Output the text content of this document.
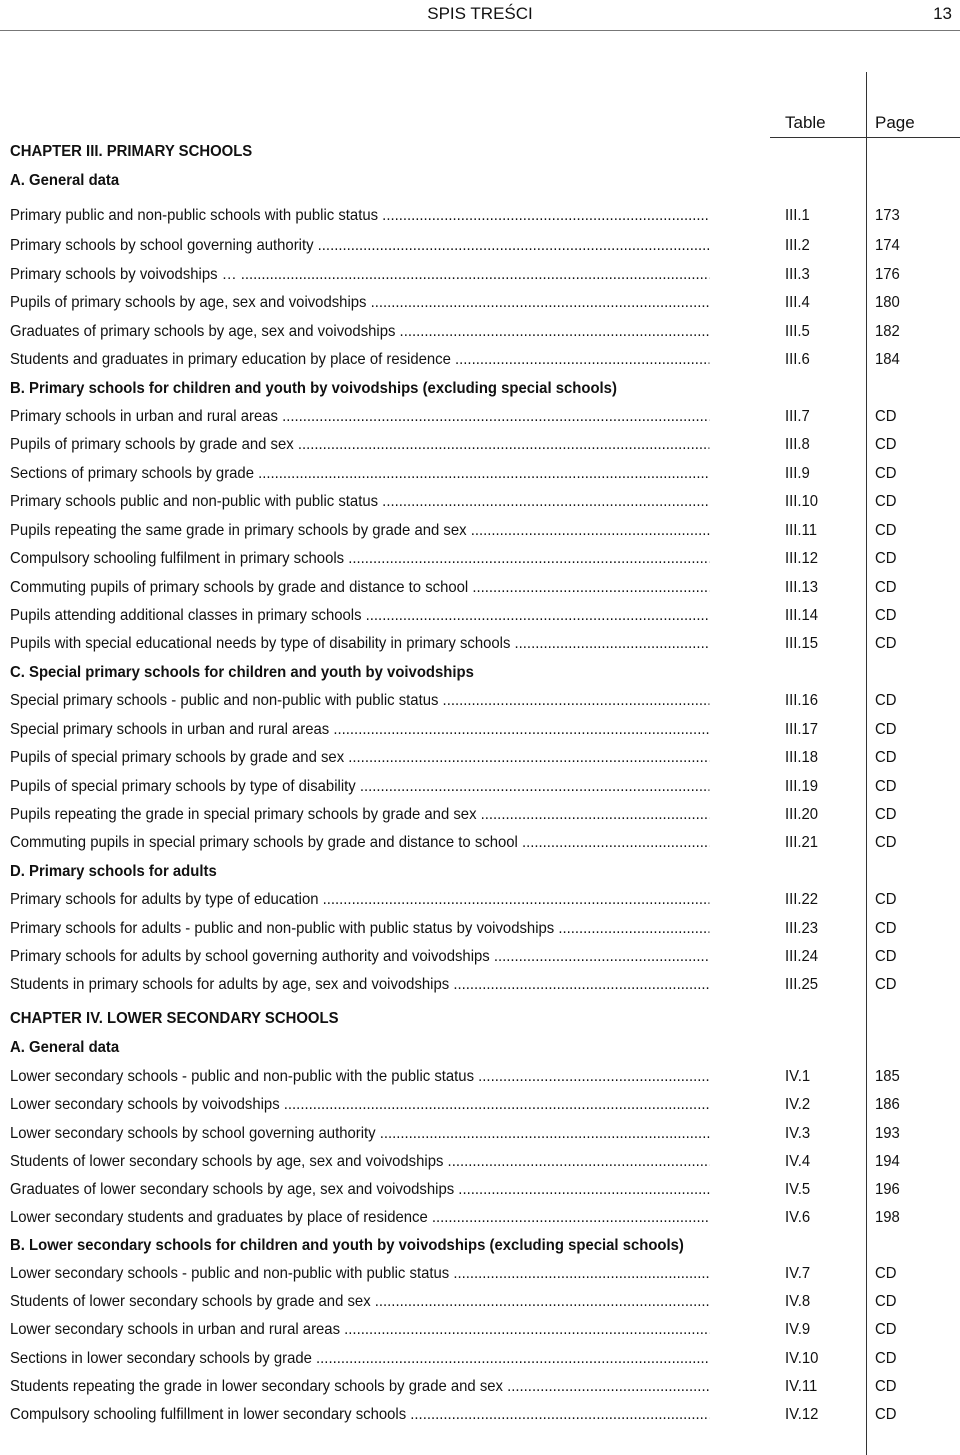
SPIS TREŚCI	13
Table	Page
CHAPTER III. PRIMARY SCHOOLS
A. General data
Primary public and non-public schools with public status .....	III.1	173
Primary schools by school governing authority .....	III.2	174
Primary schools by voivodships … .....	III.3	176
Pupils of primary schools by age, sex and voivodships .....	III.4	180
Graduates of primary schools by age, sex and voivodships .....	III.5	182
Students and graduates in primary education by place of residence .....	III.6	184
B. Primary schools for children and youth by voivodships (excluding special schools)
Primary schools in urban and rural areas .....	III.7	CD
Pupils of primary schools by grade and sex .....	III.8	CD
Sections of primary schools by grade .....	III.9	CD
Primary schools public and non-public with public status .....	III.10	CD
Pupils repeating the same grade in primary schools by grade and sex .....	III.11	CD
Compulsory schooling fulfilment in primary schools .....	III.12	CD
Commuting pupils of primary schools by grade and distance to school .....	III.13	CD
Pupils attending additional classes in primary schools .....	III.14	CD
Pupils with special educational needs by type of disability in primary schools .....	III.15	CD
C. Special primary schools for children and youth by voivodships
Special primary schools - public and non-public with public status .....	III.16	CD
Special primary schools in urban and rural areas .....	III.17	CD
Pupils of special primary schools by grade and sex .....	III.18	CD
Pupils of special primary schools by type of disability .....	III.19	CD
Pupils repeating the grade in special primary schools by grade and sex .....	III.20	CD
Commuting pupils in special primary schools by grade and distance to school .....	III.21	CD
D. Primary schools for adults
Primary schools for adults by type of education .....	III.22	CD
Primary schools for adults - public and non-public with public status by voivodships .....	III.23	CD
Primary schools for adults by school governing authority and voivodships .....	III.24	CD
Students in primary schools for adults by age, sex and voivodships .....	III.25	CD
CHAPTER IV. LOWER SECONDARY SCHOOLS
A. General data
Lower secondary schools - public and non-public with the public status .....	IV.1	185
Lower secondary schools by voivodships .....	IV.2	186
Lower secondary schools by school governing authority .....	IV.3	193
Students of lower secondary schools by age, sex and voivodships .....	IV.4	194
Graduates of lower secondary schools by age, sex and voivodships .....	IV.5	196
Lower secondary students and graduates by place of residence .....	IV.6	198
B. Lower secondary schools for children and youth by voivodships (excluding special schools)
Lower secondary schools - public and non-public with public status .....	IV.7	CD
Students of lower secondary schools by grade and sex .....	IV.8	CD
Lower secondary schools in urban and rural areas .....	IV.9	CD
Sections in lower secondary schools by grade .....	IV.10	CD
Students repeating the grade in lower secondary schools by grade and sex .....	IV.11	CD
Compulsory schooling fulfillment in lower secondary schools .....	IV.12	CD
